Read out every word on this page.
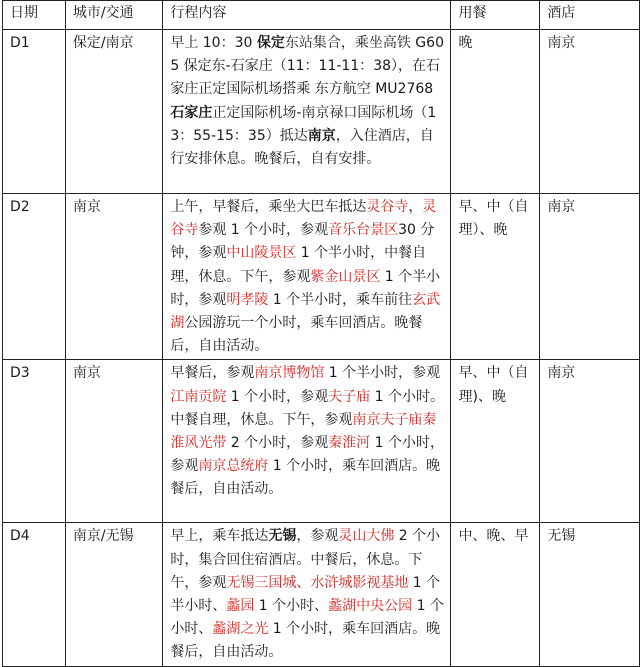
日期	城市/交通	行程内容	用餐	酒店
D1	保定/南京	早上 10：30 保定东站集合，乘坐高铁 G605 保定东-石家庄（11：11-11：38），在石家庄正定国际机场搭乘 东方航空 MU2768 石家庄正定国际机场-南京禄口国际机场（13：55-15：35）抵达南京，入住酒店，自行安排休息。晚餐后，自有安排。	晚	南京
D2	南京	上午，早餐后，乘坐大巴车抵达灵谷寺，灵谷寺参观 1 个小时，参观音乐台景区30 分钟，参观中山陵景区 1 个半小时，中餐自理，休息。下午，参观紫金山景区 1 个半小时，参观明孝陵 1 个半小时，乘车前往玄武湖公园游玩一个小时，乘车回酒店。晚餐后，自由活动。	早、中（自理）、晚	南京
D3	南京	早餐后，参观南京博物馆 1 个半小时，参观江南贡院 1 个小时，参观夫子庙 1 个小时。中餐自理，休息。下午，参观南京夫子庙秦淮风光带 2 个小时，参观秦淮河 1 个小时，参观南京总统府 1 个小时，乘车回酒店。晚餐后，自由活动。	早、中（自理)、晚	南京
D4	南京/无锡	早上，乘车抵达无锡，参观灵山大佛 2 个小时，集合回住宿酒店。中餐后，休息。下午，参观无锡三国城、水浒城影视基地 1 个半小时、蠡园 1 个小时、蠡湖中央公园 1 个小时、蠡湖之光 1 个小时，乘车回酒店。晚餐后，自由活动。	中、晚、早	无锡
